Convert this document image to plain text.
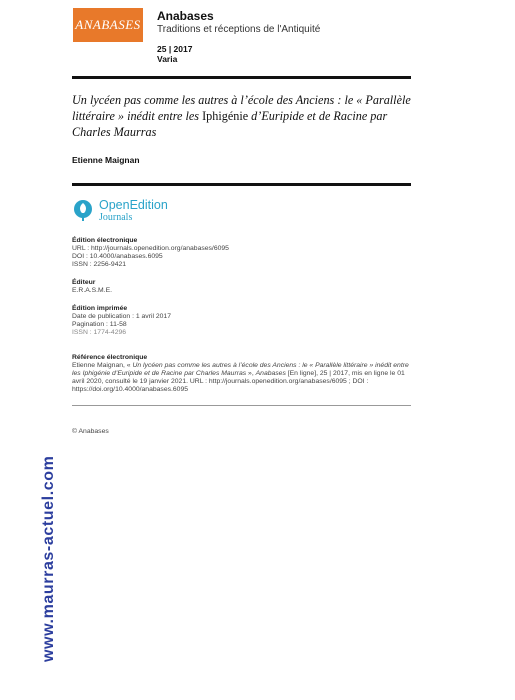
ANABASES
Anabases
Traditions et réceptions de l'Antiquité
25 | 2017
Varia
Un lycéen pas comme les autres à l’école des Anciens : le « Parallèle littéraire » inédit entre les Iphigénie d’Euripide et de Racine par Charles Maurras
Etienne Maignan
OpenEdition
Journals
Édition électronique
URL : http://journals.openedition.org/anabases/6095
DOI : 10.4000/anabases.6095
ISSN : 2256-9421
Éditeur
E.R.A.S.M.E.
Édition imprimée
Date de publication : 1 avril 2017
Pagination : 11-58
ISSN : 1774-4296
Référence électronique
Etienne Maignan, « Un lycéen pas comme les autres à l’école des Anciens : le « Parallèle littéraire » inédit entre les Iphigénie d’Euripide et de Racine par Charles Maurras », Anabases [En ligne], 25 | 2017, mis en ligne le 01 avril 2020, consulté le 19 janvier 2021. URL : http://journals.openedition.org/anabases/6095 ; DOI : https://doi.org/10.4000/anabases.6095
© Anabases
www.maurras-actuel.com
